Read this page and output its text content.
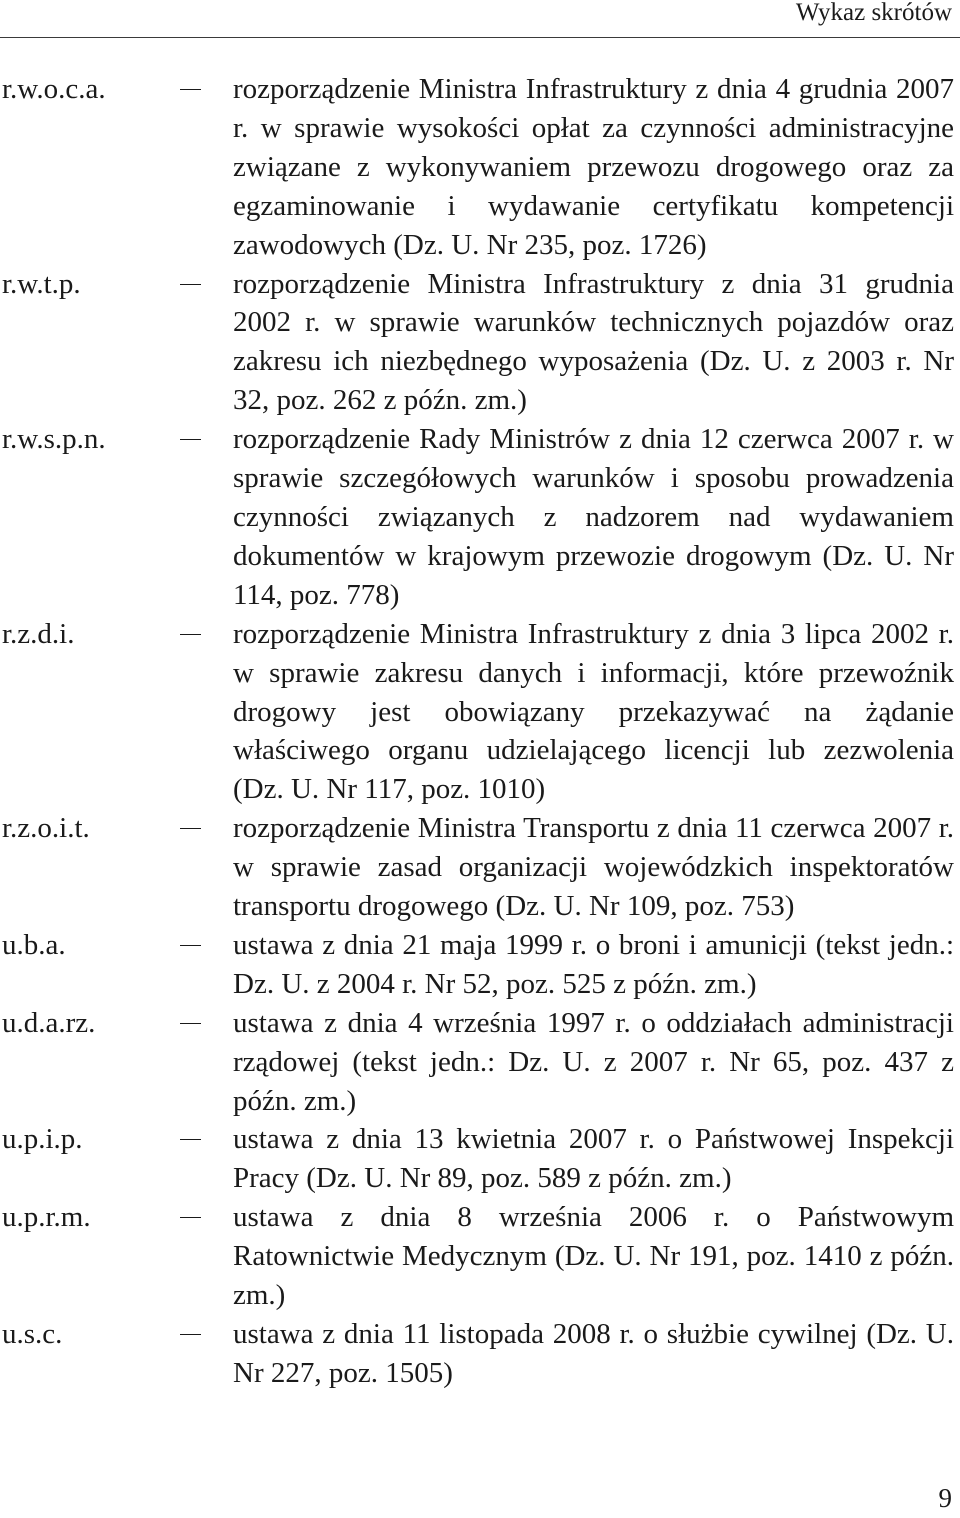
Wykaz skrótów
r.w.o.c.a.	rozporządzenie Ministra Infrastruktury z dnia 4 grudnia 2007 r. w sprawie wysokości opłat za czynności administracyjne związane z wykonywaniem przewozu drogowego oraz za egzaminowanie i wydawanie certyfikatu kompetencji zawodowych (Dz. U. Nr 235, poz. 1726)
r.w.t.p.	rozporządzenie Ministra Infrastruktury z dnia 31 grudnia 2002 r. w sprawie warunków technicznych pojazdów oraz zakresu ich niezbędnego wyposażenia (Dz. U. z 2003 r. Nr 32, poz. 262 z późn. zm.)
r.w.s.p.n.	rozporządzenie Rady Ministrów z dnia 12 czerwca 2007 r. w sprawie szczegółowych warunków i sposobu prowadzenia czynności związanych z nadzorem nad wydawaniem dokumentów w krajowym przewozie drogowym (Dz. U. Nr 114, poz. 778)
r.z.d.i.	rozporządzenie Ministra Infrastruktury z dnia 3 lipca 2002 r. w sprawie zakresu danych i informacji, które przewoźnik drogowy jest obowiązany przekazywać na żądanie właściwego organu udzielającego licencji lub zezwolenia (Dz. U. Nr 117, poz. 1010)
r.z.o.i.t.	rozporządzenie Ministra Transportu z dnia 11 czerwca 2007 r. w sprawie zasad organizacji wojewódzkich inspektoratów transportu drogowego (Dz. U. Nr 109, poz. 753)
u.b.a.	ustawa z dnia 21 maja 1999 r. o broni i amunicji (tekst jedn.: Dz. U. z 2004 r. Nr 52, poz. 525 z późn. zm.)
u.d.a.rz.	ustawa z dnia 4 września 1997 r. o oddziałach administracji rządowej (tekst jedn.: Dz. U. z 2007 r. Nr 65, poz. 437 z późn. zm.)
u.p.i.p.	ustawa z dnia 13 kwietnia 2007 r. o Państwowej Inspekcji Pracy (Dz. U. Nr 89, poz. 589 z późn. zm.)
u.p.r.m.	ustawa z dnia 8 września 2006 r. o Państwowym Ratownictwie Medycznym (Dz. U. Nr 191, poz. 1410 z późn. zm.)
u.s.c.	ustawa z dnia 11 listopada 2008 r. o służbie cywilnej (Dz. U. Nr 227, poz. 1505)
9
